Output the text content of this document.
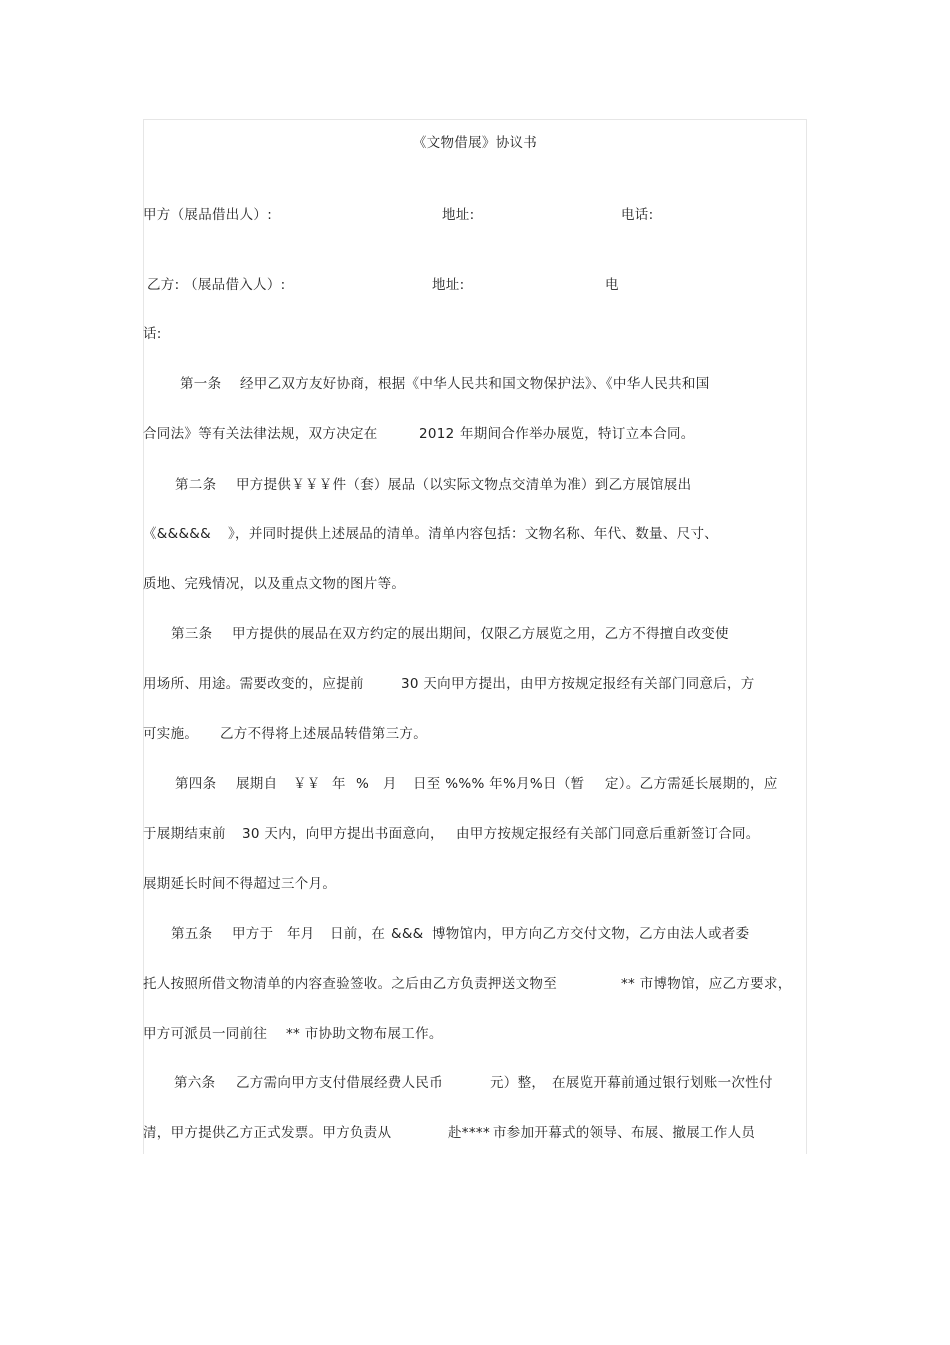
《文物借展》协议书
甲方（展品借出人）:	地址:	电话:
乙方: （展品借入人）:	地址:	电
话:
第一条 经甲乙双方友好协商，根据《中华人民共和国文物保护法》、《中华人民共和国
合同法》等有关法律法规，双方决定在	2012 年期间合作举办展览，特订立本合同。
第二条 甲方提供￥￥￥件（套）展品（以实际文物点交清单为准）到乙方展馆展出
《&&&&& 》，并同时提供上述展品的清单。清单内容包括：文物名称、年代、数量、尺寸、
质地、完残情况，以及重点文物的图片等。
第三条 甲方提供的展品在双方约定的展出期间，仅限乙方展览之用，乙方不得擅自改变使
用场所、用途。需要改变的，应提前	30 天向甲方提出，由甲方按规定报经有关部门同意后，方
可实施。 乙方不得将上述展品转借第三方。
第四条 展期自 ￥￥ 年 % 月 日至 %%% 年%月%日（暂 定）。乙方需延长展期的，应
于展期结束前 30 天内，向甲方提出书面意向， 由甲方按规定报经有关部门同意后重新签订合同。
展期延长时间不得超过三个月。
第五条 甲方于 年月 日前，在 &&& 博物馆内，甲方向乙方交付文物，乙方由法人或者委
托人按照所借文物清单的内容查验签收。之后由乙方负责押送文物至	** 市博物馆，应乙方要求，
甲方可派员一同前往 ** 市协助文物布展工作。
第六条 乙方需向甲方支付借展经费人民币	元）整， 在展览开幕前通过银行划账一次性付
清，甲方提供乙方正式发票。甲方负责从	赴**** 市参加开幕式的领导、布展、撤展工作人员
